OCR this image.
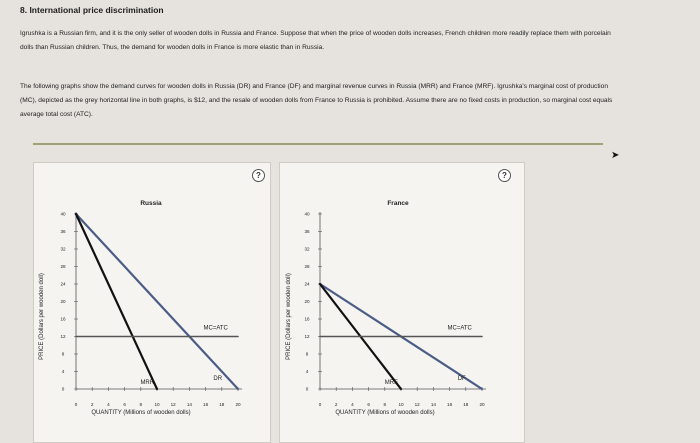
8. International price discrimination
Igrushka is a Russian firm, and it is the only seller of wooden dolls in Russia and France. Suppose that when the price of wooden dolls increases, French children more readily replace them with porcelain dolls than Russian children. Thus, the demand for wooden dolls in France is more elastic than in Russia.
The following graphs show the demand curves for wooden dolls in Russia (DR) and France (DF) and marginal revenue curves in Russia (MRR) and France (MRF). Igrushka's marginal cost of production (MC), depicted as the grey horizontal line in both graphs, is $12, and the resale of wooden dolls from France to Russia is prohibited. Assume there are no fixed costs in production, so marginal cost equals average total cost (ATC).
➤
?	?
Russia
0
4
8
12
16
20
24
28
32
36
40
0	2	4	6	8	10 12 14 16 18 20
QUANTITY (Millions of wooden dolls)
PRICE (Dollars per wooden doll)
DR
MRR
MC=ATC
France
0
4
8
12
16
20
24
28
32
36
40
0	2	4	6	8	10 12 14 16 18 20
QUANTITY (Millions of wooden dolls)
PRICE (Dollars per wooden doll)
DF
MRF
MC=ATC
